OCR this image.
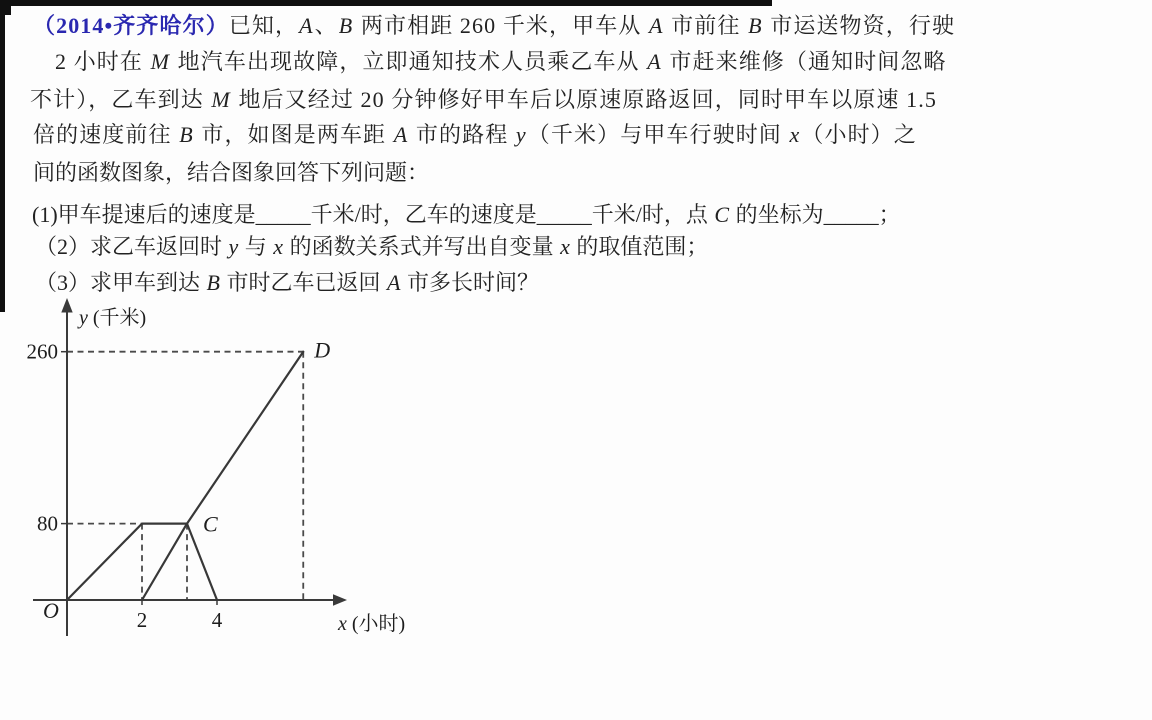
（2014•齐齐哈尔）已知，A、B 两市相距 260 千米，甲车从 A 市前往 B 市运送物资，行驶
2 小时在 M 地汽车出现故障，立即通知技术人员乘乙车从 A 市赶来维修（通知时间忽略
不计），乙车到达 M 地后又经过 20 分钟修好甲车后以原速原路返回，同时甲车以原速 1.5
倍的速度前往 B 市，如图是两车距 A 市的路程 y（千米）与甲车行驶时间 x（小时）之
间的函数图象，结合图象回答下列问题：
(1)甲车提速后的速度是_____千米/时，乙车的速度是_____千米/时，点 C 的坐标为_____；
（2）求乙车返回时 y 与 x 的函数关系式并写出自变量 x 的取值范围；
（3）求甲车到达 B 市时乙车已返回 A 市多长时间？
2	4
80
260
O
C
D
y (千米)
x (小时)
